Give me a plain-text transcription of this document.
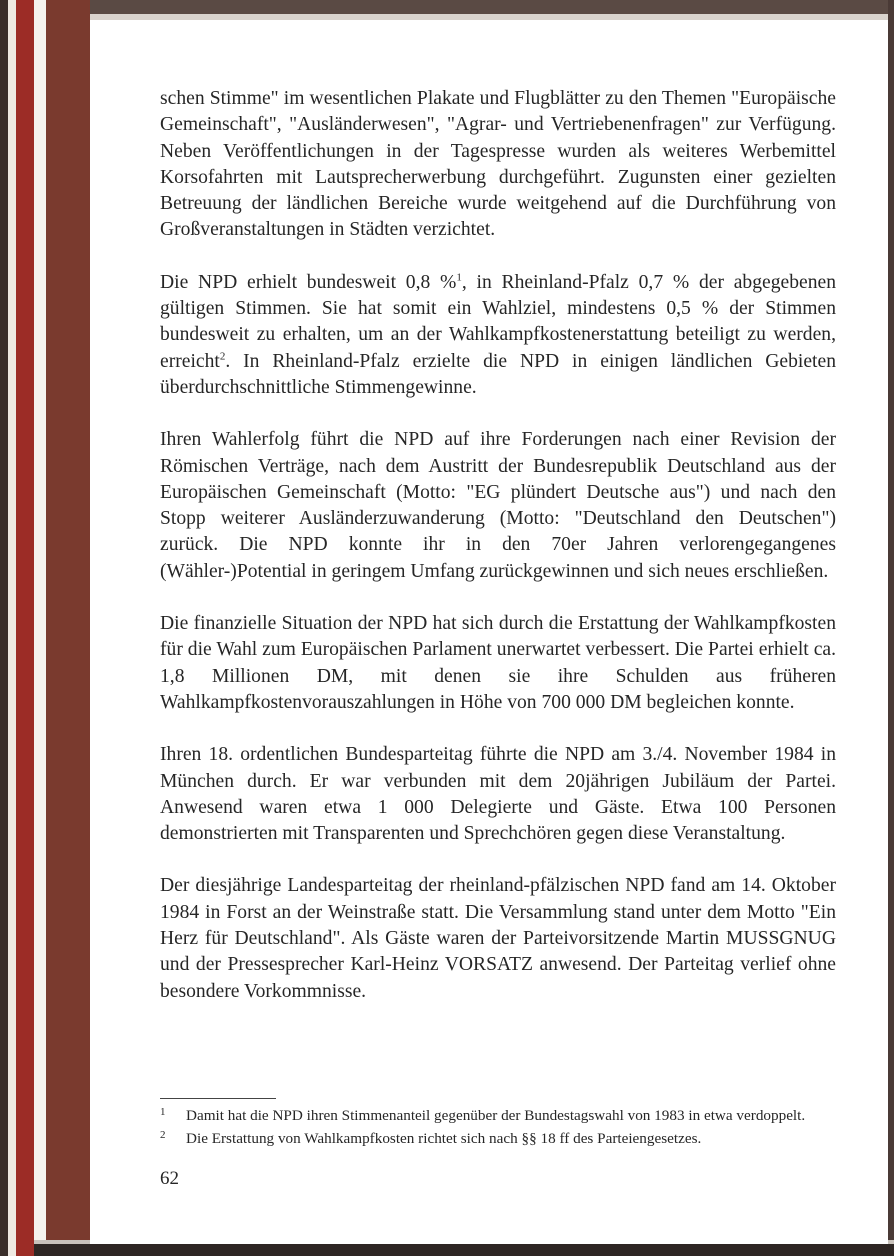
schen Stimme" im wesentlichen Plakate und Flugblätter zu den Themen "Europäische Gemeinschaft", "Ausländerwesen", "Agrar- und Vertriebenenfragen" zur Verfügung. Neben Veröffentlichungen in der Tagespresse wurden als weiteres Werbemittel Korsofahrten mit Lautsprecherwerbung durchgeführt. Zugunsten einer gezielten Betreuung der ländlichen Bereiche wurde weitgehend auf die Durchführung von Großveranstaltungen in Städten verzichtet.

Die NPD erhielt bundesweit 0,8 %$^1$, in Rheinland-Pfalz 0,7 % der abgegebenen gültigen Stimmen. Sie hat somit ein Wahlziel, mindestens 0,5 % der Stimmen bundesweit zu erhalten, um an der Wahlkampfkostenerstattung beteiligt zu werden, erreicht$^2$. In Rheinland-Pfalz erzielte die NPD in einigen ländlichen Gebieten überdurchschnittliche Stimmengewinne.

Ihren Wahlerfolg führt die NPD auf ihre Forderungen nach einer Revision der Römischen Verträge, nach dem Austritt der Bundesrepublik Deutschland aus der Europäischen Gemeinschaft (Motto: "EG plündert Deutsche aus") und nach den Stopp weiterer Ausländerzuwanderung (Motto: "Deutschland den Deutschen") zurück. Die NPD konnte ihr in den 70er Jahren verlorengegangenes (Wähler-)Potential in geringem Umfang zurückgewinnen und sich neues erschließen.

Die finanzielle Situation der NPD hat sich durch die Erstattung der Wahlkampfkosten für die Wahl zum Europäischen Parlament unerwartet verbessert. Die Partei erhielt ca. 1,8 Millionen DM, mit denen sie ihre Schulden aus früheren Wahlkampfkostenvorauszahlungen in Höhe von 700 000 DM begleichen konnte.

Ihren 18. ordentlichen Bundesparteitag führte die NPD am 3./4. November 1984 in München durch. Er war verbunden mit dem 20jährigen Jubiläum der Partei. Anwesend waren etwa 1 000 Delegierte und Gäste. Etwa 100 Personen demonstrierten mit Transparenten und Sprechchören gegen diese Veranstaltung.

Der diesjährige Landesparteitag der rheinland-pfälzischen NPD fand am 14. Oktober 1984 in Forst an der Weinstraße statt. Die Versammlung stand unter dem Motto "Ein Herz für Deutschland". Als Gäste waren der Parteivorsitzende Martin MUSSGNUG und der Pressesprecher Karl-Heinz VORSATZ anwesend. Der Parteitag verlief ohne besondere Vorkommnisse.

1 Damit hat die NPD ihren Stimmenanteil gegenüber der Bundestagswahl von 1983 in etwa verdoppelt.
2 Die Erstattung von Wahlkampfkosten richtet sich nach §§ 18 ff des Parteiengesetzes.
62
